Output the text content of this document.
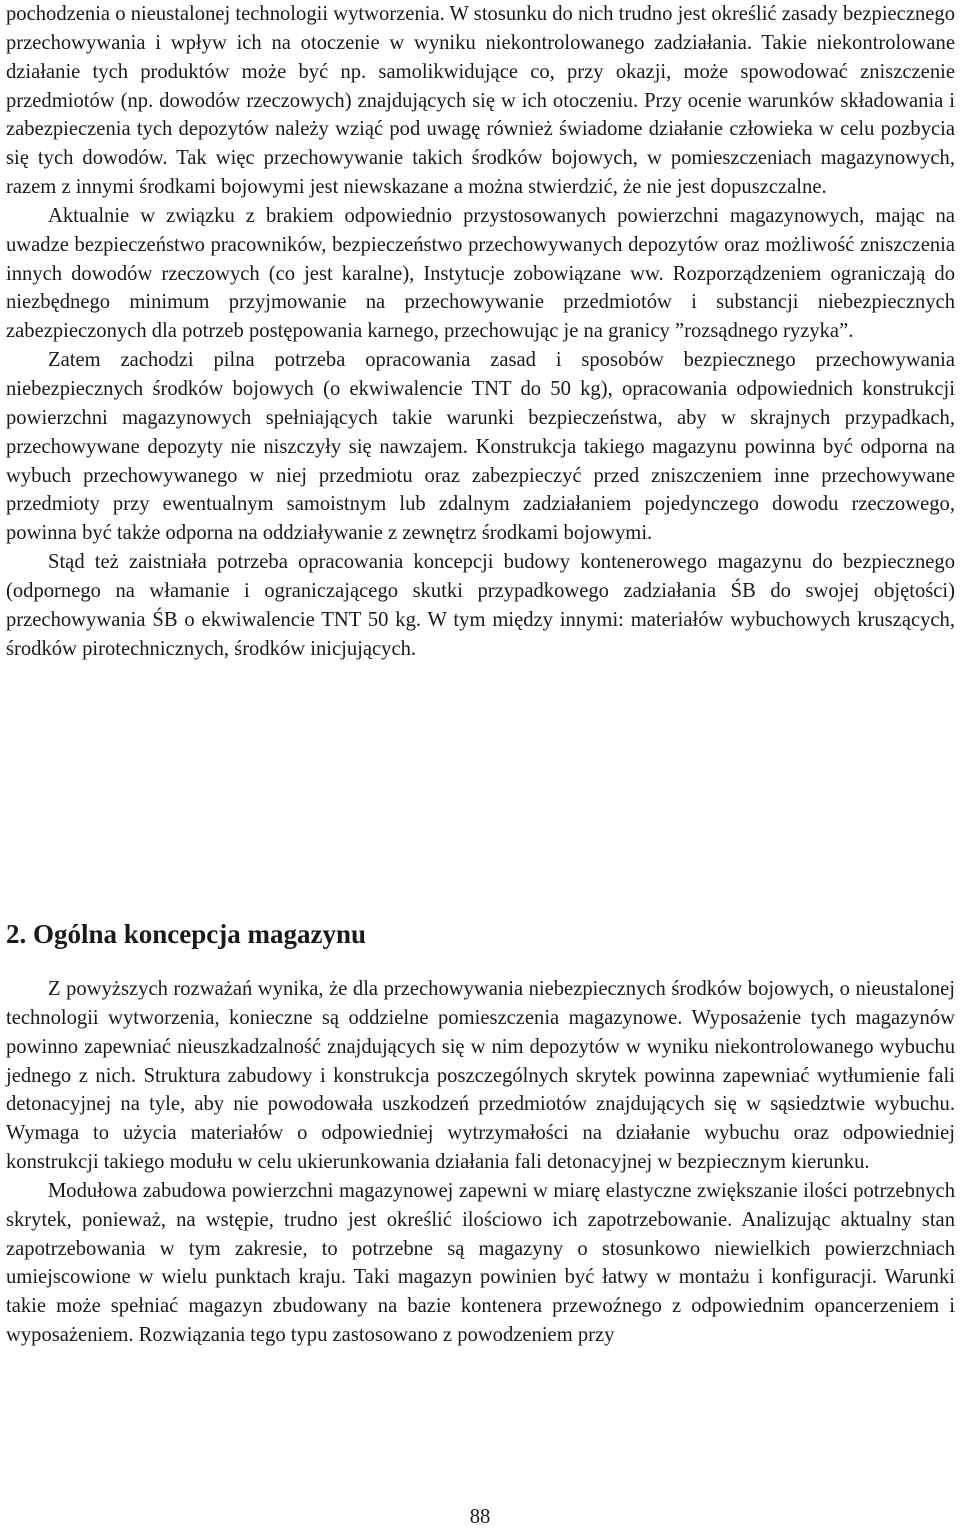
pochodzenia o nieustalonej technologii wytworzenia. W stosunku do nich trudno jest określić zasady bezpiecznego przechowywania i wpływ ich na otoczenie w wyniku niekontrolowanego zadziałania. Takie niekontrolowane działanie tych produktów może być np. samolikwidujące co, przy okazji, może spowodować zniszczenie przedmiotów (np. dowodów rzeczowych) znajdujących się w ich otoczeniu. Przy ocenie warunków składowania i zabezpieczenia tych depozytów należy wziąć pod uwagę również świadome działanie człowieka w celu pozbycia się tych dowodów. Tak więc przechowywanie takich środków bojowych, w pomieszczeniach magazynowych, razem z innymi środkami bojowymi jest niewskazane a można stwierdzić, że nie jest dopuszczalne.

Aktualnie w związku z brakiem odpowiednio przystosowanych powierzchni magazynowych, mając na uwadze bezpieczeństwo pracowników, bezpieczeństwo przechowywanych depozytów oraz możliwość zniszczenia innych dowodów rzeczowych (co jest karalne), Instytucje zobowiązane ww. Rozporządzeniem ograniczają do niezbędnego minimum przyjmowanie na przechowywanie przedmiotów i substancji niebezpiecznych zabezpieczonych dla potrzeb postępowania karnego, przechowując je na granicy ”rozsądnego ryzyka”.

Zatem zachodzi pilna potrzeba opracowania zasad i sposobów bezpiecznego przechowywania niebezpiecznych środków bojowych (o ekwiwalencie TNT do 50 kg), opracowania odpowiednich konstrukcji powierzchni magazynowych spełniających takie warunki bezpieczeństwa, aby w skrajnych przypadkach, przechowywane depozyty nie niszczyły się nawzajem. Konstrukcja takiego magazynu powinna być odporna na wybuch przechowywanego w niej przedmiotu oraz zabezpieczyć przed zniszczeniem inne przechowywane przedmioty przy ewentualnym samoistnym lub zdalnym zadziałaniem pojedynczego dowodu rzeczowego, powinna być także odporna na oddziaływanie z zewnętrz środkami bojowymi.

Stąd też zaistniała potrzeba opracowania koncepcji budowy kontenerowego magazynu do bezpiecznego (odpornego na włamanie i ograniczającego skutki przypadkowego zadziałania ŚB do swojej objętości) przechowywania ŚB o ekwiwalencie TNT 50 kg. W tym między innymi: materiałów wybuchowych kruszących, środków pirotechnicznych, środków inicjujących.

2. Ogólna koncepcja magazynu

Z powyższych rozważań wynika, że dla przechowywania niebezpiecznych środków bojowych, o nieustalonej technologii wytworzenia, konieczne są oddzielne pomieszczenia magazynowe. Wyposażenie tych magazynów powinno zapewniać nieuszkadzalność znajdujących się w nim depozytów w wyniku niekontrolowanego wybuchu jednego z nich. Struktura zabudowy i konstrukcja poszczególnych skrytek powinna zapewniać wytłumienie fali detonacyjnej na tyle, aby nie powodowała uszkodzeń przedmiotów znajdujących się w sąsiedztwie wybuchu. Wymaga to użycia materiałów o odpowiedniej wytrzymałości na działanie wybuchu oraz odpowiedniej konstrukcji takiego modułu w celu ukierunkowania działania fali detonacyjnej w bezpiecznym kierunku.

Modułowa zabudowa powierzchni magazynowej zapewni w miarę elastyczne zwiększanie ilości potrzebnych skrytek, ponieważ, na wstępie, trudno jest określić ilościowo ich zapotrzebowanie. Analizując aktualny stan zapotrzebowania w tym zakresie, to potrzebne są magazyny o stosunkowo niewielkich powierzchniach umiejscowione w wielu punktach kraju. Taki magazyn powinien być łatwy w montażu i konfiguracji. Warunki takie może spełniać magazyn zbudowany na bazie kontenera przewoźnego z odpowiednim opancerzeniem i wyposażeniem. Rozwiązania tego typu zastosowano z powodzeniem przy

88
